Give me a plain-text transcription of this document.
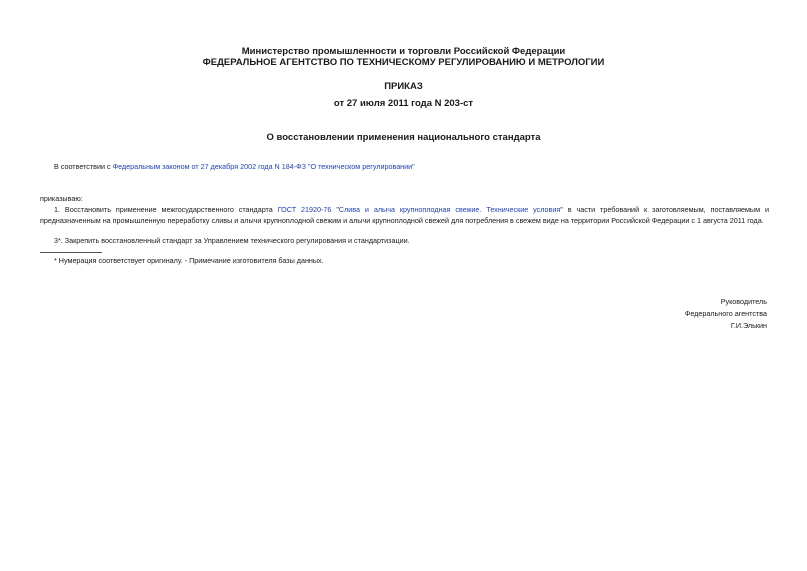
Министерство промышленности и торговли Российской Федерации
ФЕДЕРАЛЬНОЕ АГЕНТСТВО ПО ТЕХНИЧЕСКОМУ РЕГУЛИРОВАНИЮ И МЕТРОЛОГИИ
ПРИКАЗ
от 27 июля 2011 года N 203-ст
О восстановлении применения национального стандарта
В соответствии с Федеральным законом от 27 декабря 2002 года N 184-ФЗ "О техническом регулировании"
приказываю:
1. Восстановить применение межгосударственного стандарта ГОСТ 21920-76 "Слива и алыча крупноплодная свежие. Технические условия" в части требований к заготовляемым, поставляемым и предназначенным на промышленную переработку сливы и алычи крупноплодной свежим и алычи крупноплодной свежей для потребления в свежем виде на территории Российской Федерации с 1 августа 2011 года.
3*. Закрепить восстановленный стандарт за Управлением технического регулирования и стандартизации.
* Нумерация соответствует оригиналу. - Примечание изготовителя базы данных.
Руководитель
Федерального агентства
Г.И.Элькин
